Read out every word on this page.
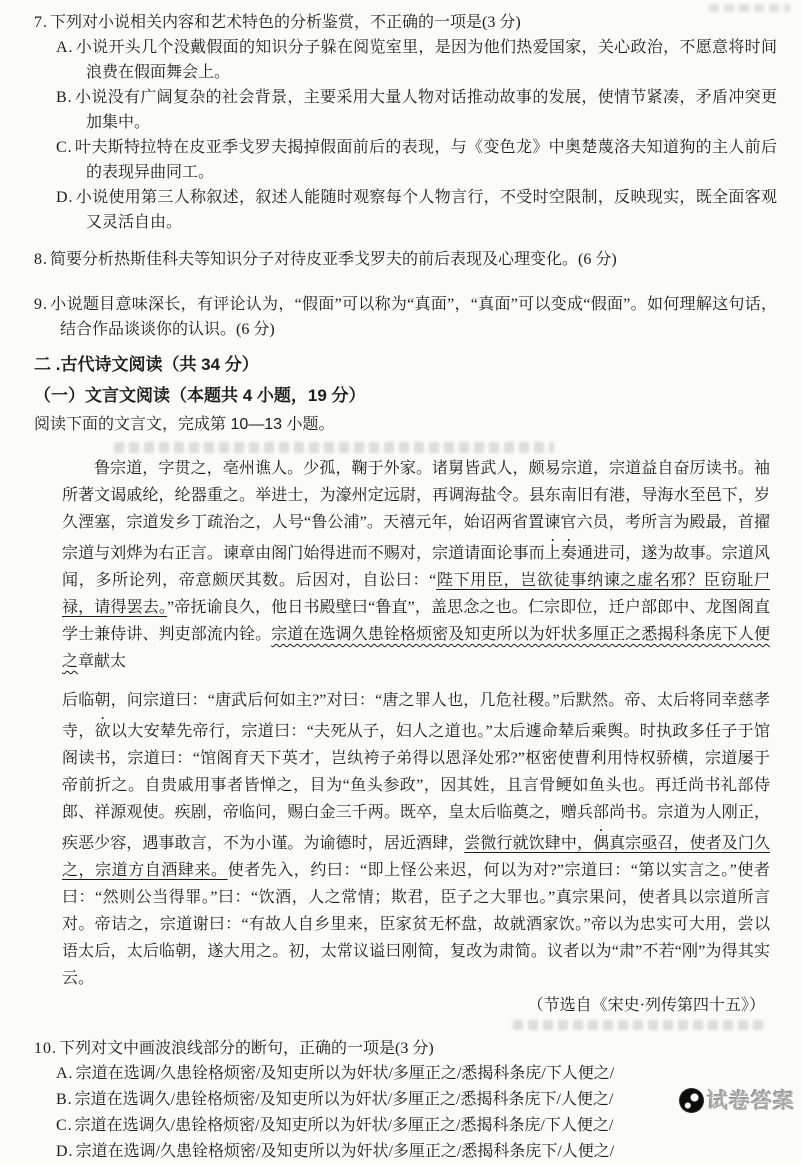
7. 下列对小说相关内容和艺术特色的分析鉴赏，不正确的一项是(3 分)

A. 小说开头几个没戴假面的知识分子躲在阅览室里，是因为他们热爱国家，关心政治，不愿意将时间浪费在假面舞会上。

B. 小说没有广阔复杂的社会背景，主要采用大量人物对话推动故事的发展，使情节紧凑，矛盾冲突更加集中。

C. 叶夫斯特拉特在皮亚季戈罗夫揭掉假面前后的表现，与《变色龙》中奥楚蔑洛夫知道狗的主人前后的表现异曲同工。

D. 小说使用第三人称叙述，叙述人能随时观察每个人物言行，不受时空限制，反映现实，既全面客观又灵活自由。

8. 简要分析热斯佳科夫等知识分子对待皮亚季戈罗夫的前后表现及心理变化。(6 分)

9. 小说题目意味深长，有评论认为，“假面”可以称为“真面”，“真面”可以变成“假面”。如何理解这句话，结合作品谈谈你的认识。(6 分)

二 .古代诗文阅读（共 34 分）

（一）文言文阅读（本题共 4 小题，19 分）

阅读下面的文言文，完成第 10—13 小题。

鲁宗道，字贯之，亳州谯人。少孤，鞠于外家。诸舅皆武人，颇易宗道，宗道益自奋厉读书。袖所著文谒戚纶，纶器重之。举进士，为濠州定远尉，再调海盐令。县东南旧有港，导海水至邑下，岁久湮塞，宗道发乡丁疏治之，人号“鲁公浦”。天禧元年，始诏两省置谏官六员，考所言为殿最，首擢宗道与刘烨为右正言。谏章由阁门始得进而不赐对，宗道请面论事而上奏通进司，遂为故事。宗道风闻，多所论列，帝意颇厌其数。后因对，自讼曰：“陛下用臣，岂欲徒事纳谏之虚名邪？臣窃耻尸禄，请得罢去。”帝抚谕良久，他日书殿壁曰“鲁直”，盖思念之也。仁宗即位，迁户部郎中、龙图阁直学士兼侍讲、判吏部流内铨。宗道在选调久患铨格烦密及知吏所以为奸状多厘正之悉揭科条庑下人便之章献太

后临朝，问宗道曰：“唐武后何如主?”对曰：“唐之罪人也，几危社稷。”后默然。帝、太后将同幸慈孝寺，欲以大安辇先帝行，宗道曰：“夫死从子，妇人之道也。”太后遽命辇后乘舆。时执政多任子于馆阁读书，宗道曰：“馆阁育天下英才，岂纨袴子弟得以恩泽处邪?”枢密使曹利用恃权骄横，宗道屡于帝前折之。自贵戚用事者皆惮之，目为“鱼头参政”，因其姓，且言骨鲠如鱼头也。再迁尚书礼部侍郎、祥源观使。疾剧，帝临问，赐白金三千两。既卒，皇太后临奠之，赠兵部尚书。宗道为人刚正，疾恶少容，遇事敢言，不为小谨。为谕德时，居近酒肆，尝微行就饮肆中，偶真宗亟召，使者及门久之，宗道方自酒肆来。使者先入，约曰：“即上怪公来迟，何以为对?”宗道曰：“第以实言之。”使者曰：“然则公当得罪。”曰：“饮酒，人之常情；欺君，臣子之大罪也。”真宗果问，使者具以宗道所言对。帝诘之，宗道谢曰：“有故人自乡里来，臣家贫无杯盘，故就酒家饮。”帝以为忠实可大用，尝以语太后，太后临朝，遂大用之。初，太常议谥曰刚简，复改为肃简。议者以为“肃”不若“刚”为得其实云。

（节选自《宋史·列传第四十五》）

10. 下列对文中画波浪线部分的断句，正确的一项是(3 分)

A. 宗道在选调/久患铨格烦密/及知吏所以为奸状/多厘正之/悉揭科条庑/下人便之/

B. 宗道在选调久/患铨格烦密/及知吏所以为奸状/多厘正之/悉揭科条庑下/人便之/

C. 宗道在选调久/患铨格烦密/及知吏所以为奸状/多厘正之/悉揭科条庑/下人便之/

D. 宗道在选调/久患铨格烦密/及知吏所以为奸状/多厘正之/悉揭科条庑下/人便之/

试卷答案
